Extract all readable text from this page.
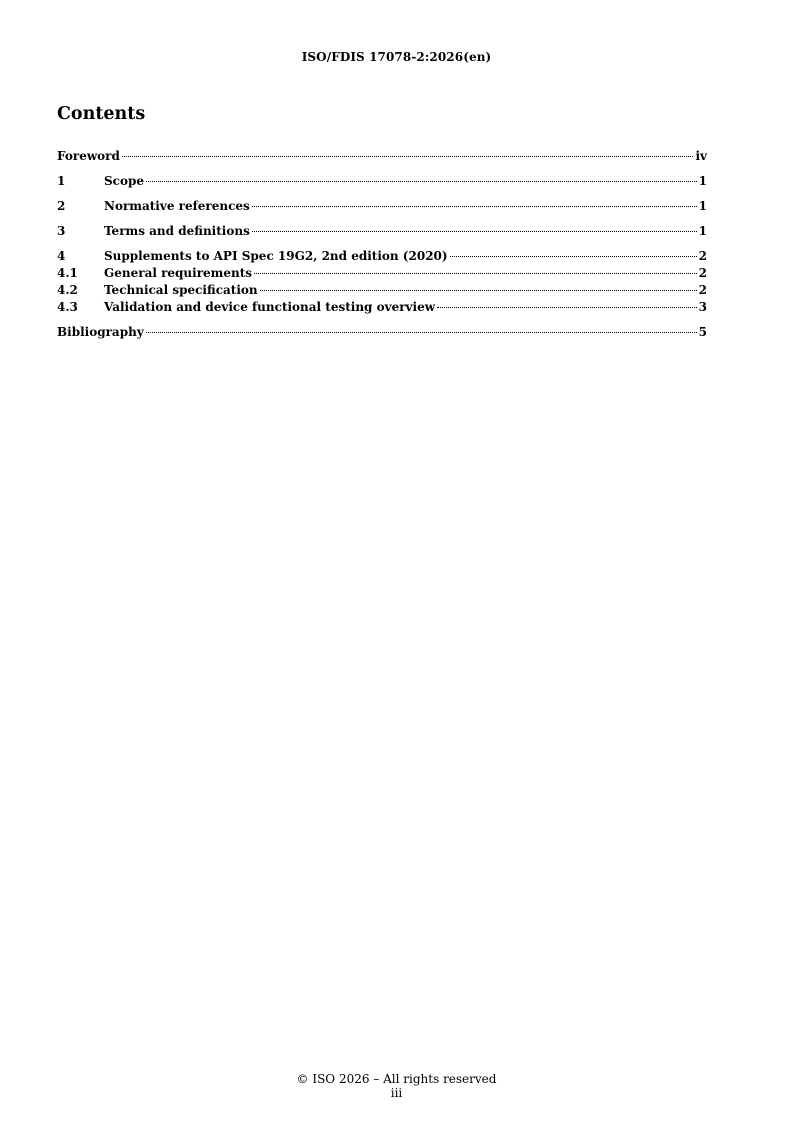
ISO/FDIS 17078-2:2026(en)
Contents
Foreword	iv
1	Scope	1
2	Normative references	1
3	Terms and definitions	1
4	Supplements to API Spec 19G2, 2nd edition (2020)	2
4.1	General requirements	2
4.2	Technical specification	2
4.3	Validation and device functional testing overview	3
Bibliography	5
© ISO 2026 – All rights reserved
iii
